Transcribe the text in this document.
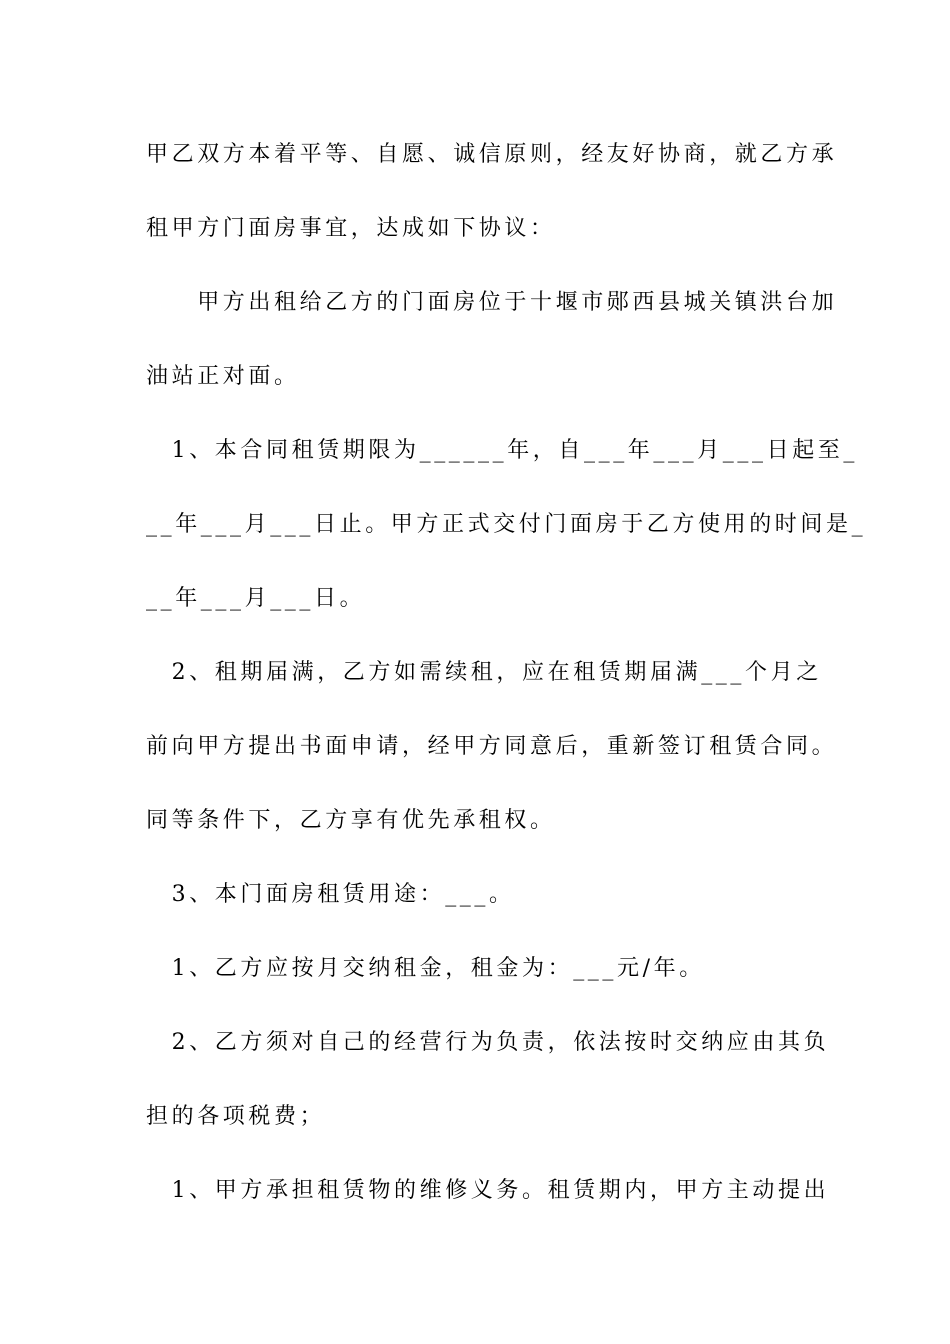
甲乙双方本着平等、自愿、诚信原则，经友好协商，就乙方承
租甲方门面房事宜，达成如下协议：
　　甲方出租给乙方的门面房位于十堰市郧西县城关镇洪台加
油站正对面。
　1、本合同租赁期限为______年，自___年___月___日起至_
__年___月___日止。甲方正式交付门面房于乙方使用的时间是_
__年___月___日。
　2、租期届满，乙方如需续租，应在租赁期届满___个月之
前向甲方提出书面申请，经甲方同意后，重新签订租赁合同。
同等条件下，乙方享有优先承租权。
　3、本门面房租赁用途：___。
　1、乙方应按月交纳租金，租金为：___元/年。
　2、乙方须对自己的经营行为负责，依法按时交纳应由其负
担的各项税费；
　1、甲方承担租赁物的维修义务。租赁期内，甲方主动提出
